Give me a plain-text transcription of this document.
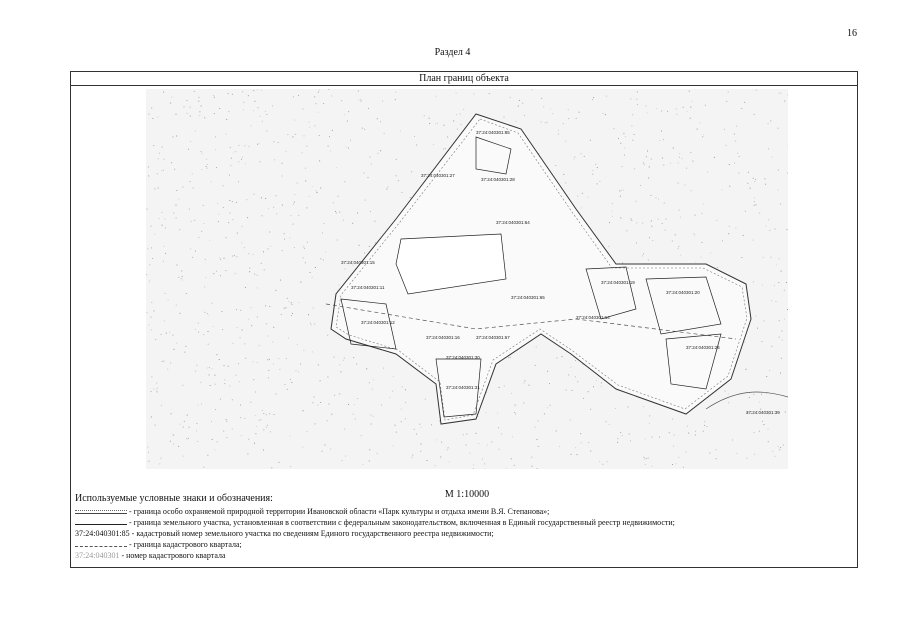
16
Раздел 4
План границ объекта
37:24:040301:85
37:24:040301:27
37:24:040301:28
37:24:040301:64
37:24:040301:65
37:24:040301:67
37:24:040301:19
37:24:040301:14
37:24:040301:15
37:24:040301:11
37:24:040301:12
37:24:040301:16
37:24:040301:30
37:24:040301:31
37:24:040301:20
37:24:040301:24
37:24:040301:39
М 1:10000
Используемые условные знаки и обозначения:
- граница особо охраняемой природной территории Ивановской области «Парк культуры и отдыха имени В.Я. Степанова»;
- граница земельного участка, установленная в соответствии с федеральным законодательством, включенная в Единый государственный реестр недвижимости;
37:24:040301:85 - кадастровый номер земельного участка по сведениям Единого государственного реестра недвижимости;
- граница кадастрового квартала;
37:24:040301 - номер кадастрового квартала
